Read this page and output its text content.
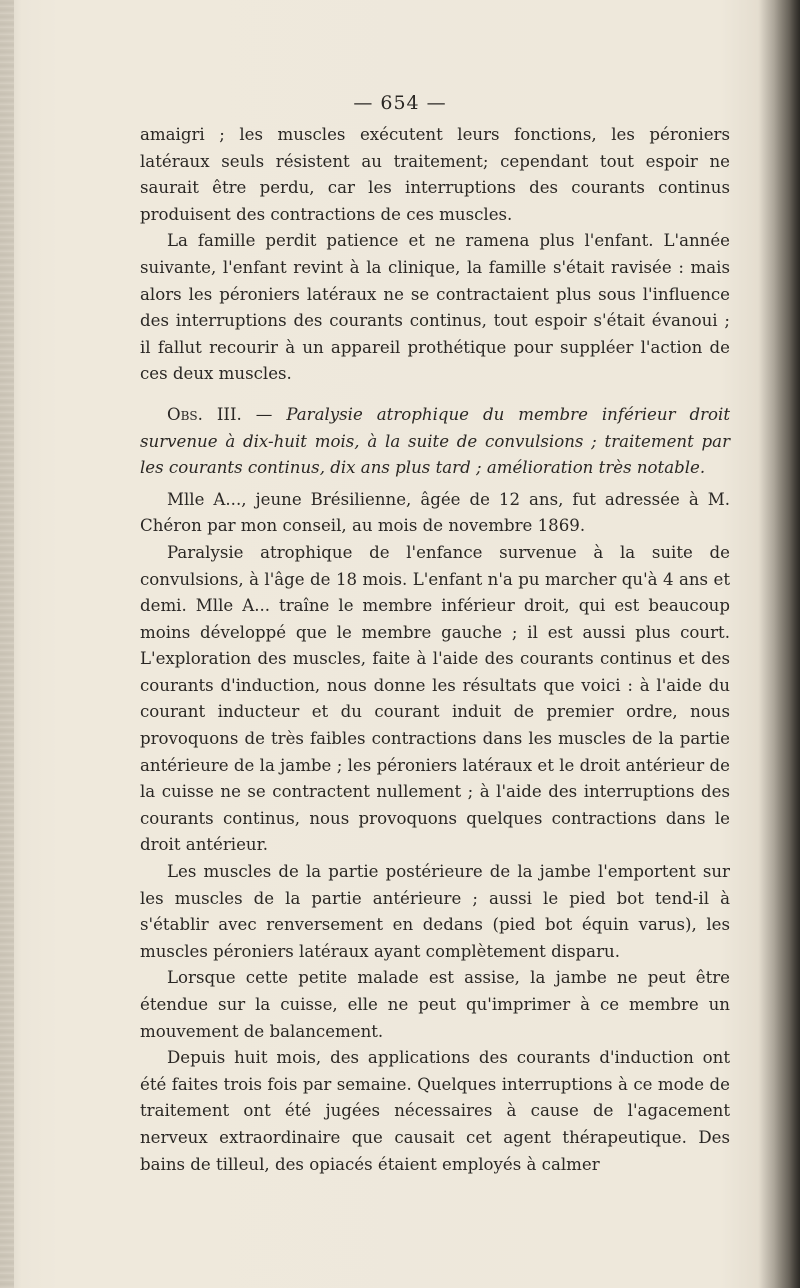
— 654 —

amaigri ; les muscles exécutent leurs fonctions, les péroniers latéraux seuls résistent au traitement; cependant tout espoir ne saurait être perdu, car les interruptions des courants continus produisent des contractions de ces muscles.

La famille perdit patience et ne ramena plus l'enfant. L'année suivante, l'enfant revint à la clinique, la famille s'était ravisée : mais alors les péroniers latéraux ne se contractaient plus sous l'influence des interruptions des courants continus, tout espoir s'était évanoui ; il fallut recourir à un appareil prothétique pour suppléer l'action de ces deux muscles.

Obs. III. — Paralysie atrophique du membre inférieur droit survenue à dix-huit mois, à la suite de convulsions ; traitement par les courants continus, dix ans plus tard ; amélioration très notable.

Mlle A..., jeune Brésilienne, âgée de 12 ans, fut adressée à M. Chéron par mon conseil, au mois de novembre 1869.

Paralysie atrophique de l'enfance survenue à la suite de convulsions, à l'âge de 18 mois. L'enfant n'a pu marcher qu'à 4 ans et demi. Mlle A... traîne le membre inférieur droit, qui est beaucoup moins développé que le membre gauche ; il est aussi plus court. L'exploration des muscles, faite à l'aide des courants continus et des courants d'induction, nous donne les résultats que voici : à l'aide du courant inducteur et du courant induit de premier ordre, nous provoquons de très faibles contractions dans les muscles de la partie antérieure de la jambe ; les péroniers latéraux et le droit antérieur de la cuisse ne se contractent nullement ; à l'aide des interruptions des courants continus, nous provoquons quelques contractions dans le droit antérieur.

Les muscles de la partie postérieure de la jambe l'emportent sur les muscles de la partie antérieure ; aussi le pied bot tend-il à s'établir avec renversement en dedans (pied bot équin varus), les muscles péroniers latéraux ayant complètement disparu.

Lorsque cette petite malade est assise, la jambe ne peut être étendue sur la cuisse, elle ne peut qu'imprimer à ce membre un mouvement de balancement.

Depuis huit mois, des applications des courants d'induction ont été faites trois fois par semaine. Quelques interruptions à ce mode de traitement ont été jugées nécessaires à cause de l'agacement nerveux extraordinaire que causait cet agent thérapeutique. Des bains de tilleul, des opiacés étaient employés à calmer
